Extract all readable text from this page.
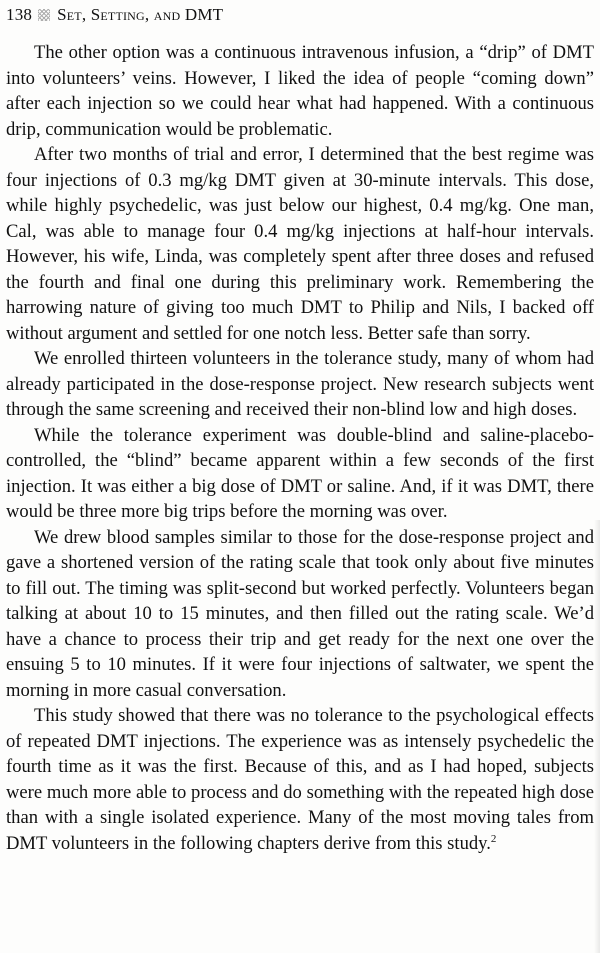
138 Set, Setting, and DMT

The other option was a continuous intravenous infusion, a “drip” of DMT into volunteers’ veins. However, I liked the idea of people “coming down” after each injection so we could hear what had happened. With a continuous drip, communication would be problematic.

After two months of trial and error, I determined that the best regime was four injections of 0.3 mg/kg DMT given at 30-minute intervals. This dose, while highly psychedelic, was just below our highest, 0.4 mg/kg. One man, Cal, was able to manage four 0.4 mg/kg injections at half-hour intervals. However, his wife, Linda, was completely spent after three doses and refused the fourth and final one during this preliminary work. Remembering the harrowing nature of giving too much DMT to Philip and Nils, I backed off without argument and settled for one notch less. Better safe than sorry.

We enrolled thirteen volunteers in the tolerance study, many of whom had already participated in the dose-response project. New research subjects went through the same screening and received their non-blind low and high doses.

While the tolerance experiment was double-blind and saline-placebo-controlled, the “blind” became apparent within a few seconds of the first injection. It was either a big dose of DMT or saline. And, if it was DMT, there would be three more big trips before the morning was over.

We drew blood samples similar to those for the dose-response project and gave a shortened version of the rating scale that took only about five minutes to fill out. The timing was split-second but worked perfectly. Volunteers began talking at about 10 to 15 minutes, and then filled out the rating scale. We’d have a chance to process their trip and get ready for the next one over the ensuing 5 to 10 minutes. If it were four injections of saltwater, we spent the morning in more casual conversation.

This study showed that there was no tolerance to the psychological effects of repeated DMT injections. The experience was as intensely psychedelic the fourth time as it was the first. Because of this, and as I had hoped, subjects were much more able to process and do something with the repeated high dose than with a single isolated experience. Many of the most moving tales from DMT volunteers in the following chapters derive from this study.$^2$
